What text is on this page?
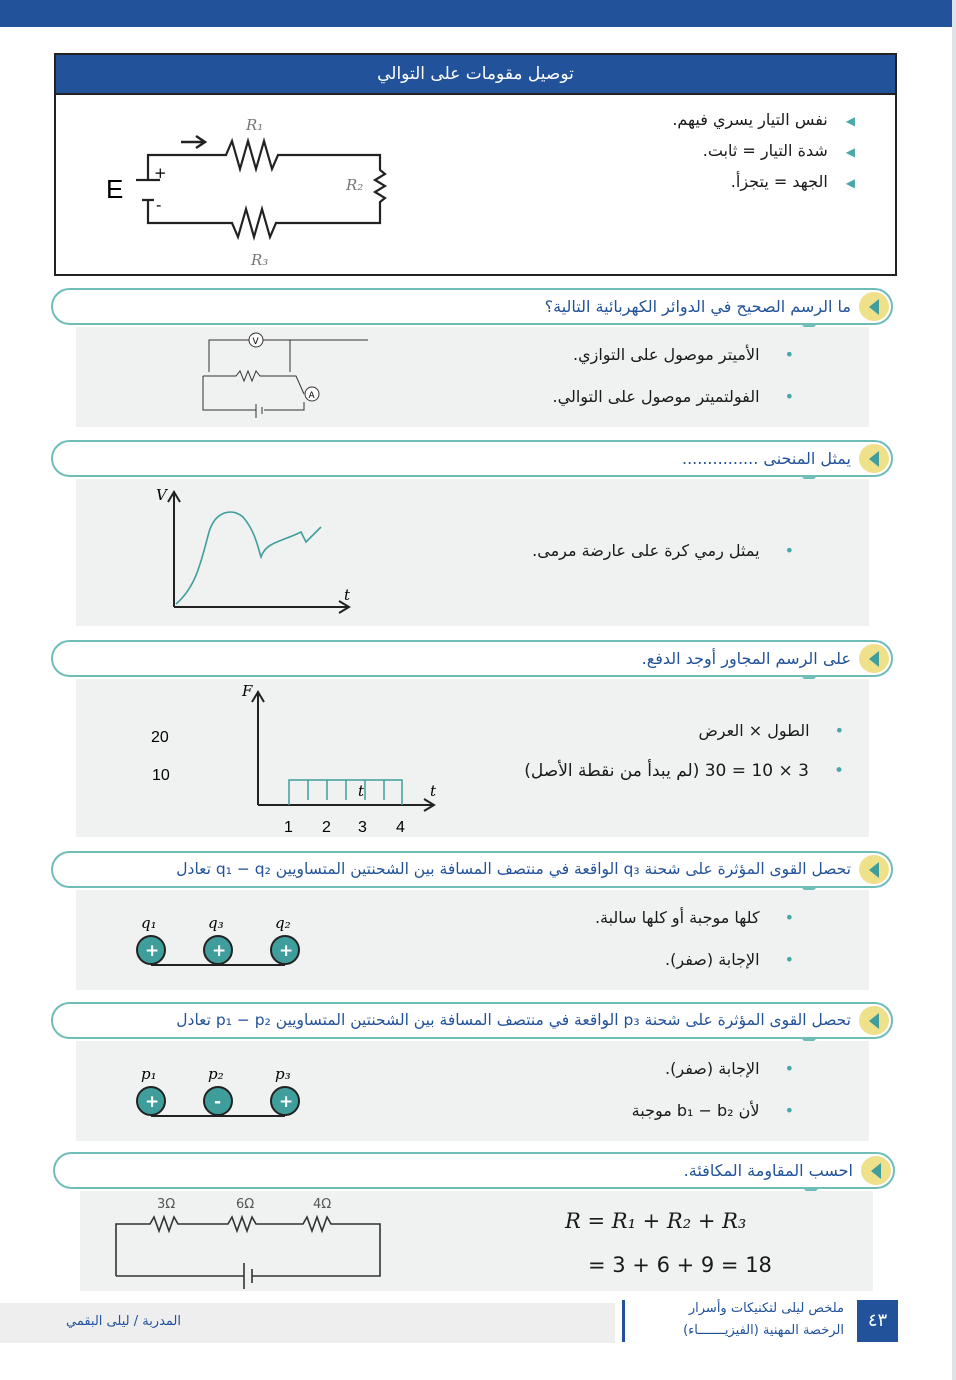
توصيل مقومات على التوالي
◀ نفس التيار يسري فيهم.
◀ شدة التيار = ثابت.
◀ الجهد = يتجزأ.
E
+
-
R₁
R₂
R₃
ما الرسم الصحيح في الدوائر الكهربائية التالية؟
• الأميتر موصول على التوازي.
• الفولتميتر موصول على التوالي.
V
A
يمثل المنحنى ...............
• يمثل رمي كرة على عارضة مرمى.
V
t
على الرسم المجاور أوجد الدفع.
• الطول × العرض
• 3 × 10 = 30 (لم يبدأ من نقطة الأصل)
F
t
t
20
10
1 2 3 4
تحصل القوى المؤثرة على شحنة q₃ الواقعة في منتصف المسافة بين الشحنتين المتساويين q₁ − q₂ تعادل
• كلها موجبة أو كلها سالبة.
• الإجابة (صفر).
q₁
+
q₃
+
q₂
+
تحصل القوى المؤثرة على شحنة p₃ الواقعة في منتصف المسافة بين الشحنتين المتساويين p₁ − p₂ تعادل
• الإجابة (صفر).
• لأن b₁ − b₂ موجبة
p₁
+
p₂
-
p₃
+
احسب المقاومة المكافئة.
R = R₁ + R₂ + R₃
= 3 + 6 + 9 = 18
3Ω	6Ω	4Ω
المدربة / ليلى البقمي
ملخص ليلى لتكنيكات وأسرار
الرخصة المهنية (الفيزيـــــــاء)	٤٣
